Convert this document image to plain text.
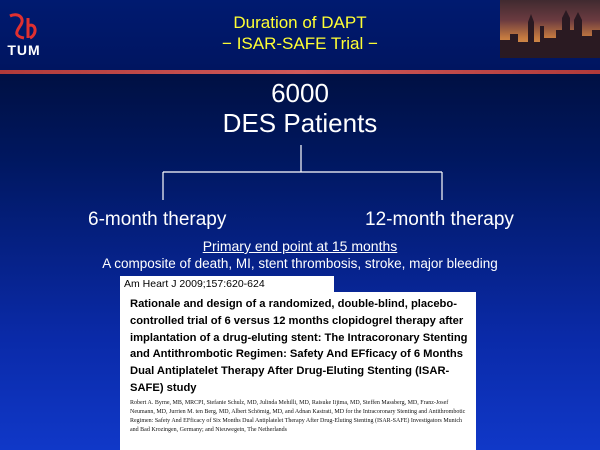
TUM
Duration of DAPT
− ISAR-SAFE Trial −
6000
DES Patients
6-month therapy	12-month therapy
Primary end point at 15 months
A composite of death, MI, stent thrombosis, stroke, major bleeding
Am Heart J 2009;157:620-624
Rationale and design of a randomized, double-blind, placebo-controlled trial of 6 versus 12 months clopidogrel therapy after implantation of a drug-eluting stent: The Intracoronary Stenting and Antithrombotic Regimen: Safety And EFficacy of 6 Months Dual Antiplatelet Therapy After Drug-Eluting Stenting (ISAR-SAFE) study
Robert A. Byrne, MB, MRCPI, Stefanie Schulz, MD, Julinda Mehilli, MD, Raisuke Iijima, MD, Steffen Massberg, MD, Franz-Josef Neumann, MD, Jurrien M. ten Berg, MD, Albert Schömig, MD, and Adnan Kastrati, MD for the Intracoronary Stenting and Antithrombotic Regimen: Safety And EFficacy of Six Months Dual Antiplatelet Therapy After Drug-Eluting Stenting (ISAR-SAFE) Investigators Munich and Bad Krozingen, Germany; and Nieuwegein, The Netherlands
